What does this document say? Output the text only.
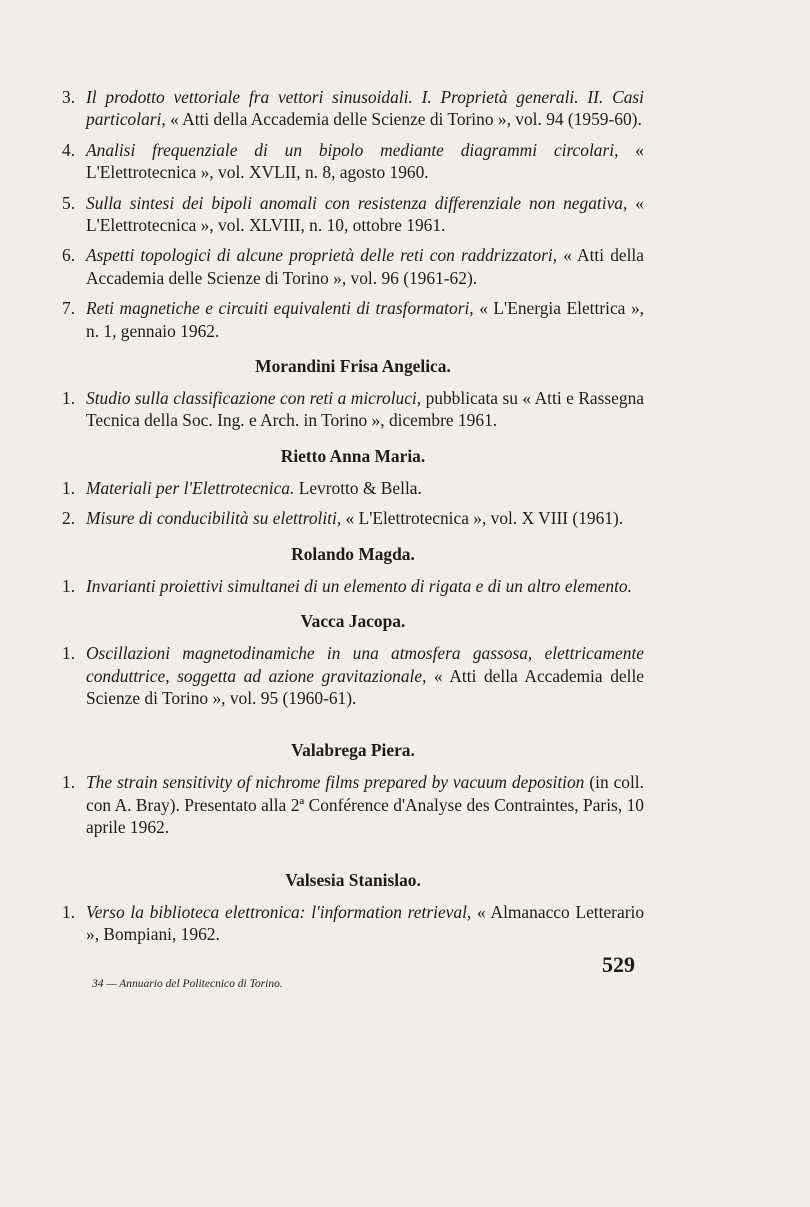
3. Il prodotto vettoriale fra vettori sinusoidali. I. Proprietà generali. II. Casi particolari, « Atti della Accademia delle Scienze di Torino », vol. 94 (1959-60).
4. Analisi frequenziale di un bipolo mediante diagrammi circolari, « L'Elettrotecnica », vol. XVLII, n. 8, agosto 1960.
5. Sulla sintesi dei bipoli anomali con resistenza differenziale non negativa, « L'Elettrotecnica », vol. XLVIII, n. 10, ottobre 1961.
6. Aspetti topologici di alcune proprietà delle reti con raddrizzatori, « Atti della Accademia delle Scienze di Torino », vol. 96 (1961-62).
7. Reti magnetiche e circuiti equivalenti di trasformatori, « L'Energia Elettrica », n. 1, gennaio 1962.
Morandini Frisa Angelica.
1. Studio sulla classificazione con reti a microluci, pubblicata su « Atti e Rassegna Tecnica della Soc. Ing. e Arch. in Torino », dicembre 1961.
Rietto Anna Maria.
1. Materiali per l'Elettrotecnica. Levrotto & Bella.
2. Misure di conducibilità su elettroliti, « L'Elettrotecnica », vol. X VIII (1961).
Rolando Magda.
1. Invarianti proiettivi simultanei di un elemento di rigata e di un altro elemento.
Vacca Jacopa.
1. Oscillazioni magnetodinamiche in una atmosfera gassosa, elettricamente conduttrice, soggetta ad azione gravitazionale, « Atti della Accademia delle Scienze di Torino », vol. 95 (1960-61).
Valabrega Piera.
1. The strain sensitivity of nichrome films prepared by vacuum deposition (in coll. con A. Bray). Presentato alla 2ª Conférence d'Analyse des Contraintes, Paris, 10 aprile 1962.
Valsesia Stanislao.
1. Verso la biblioteca elettronica: l'information retrieval, « Almanacco Letterario », Bompiani, 1962.
529
34 — Annuario del Politecnico di Torino.
